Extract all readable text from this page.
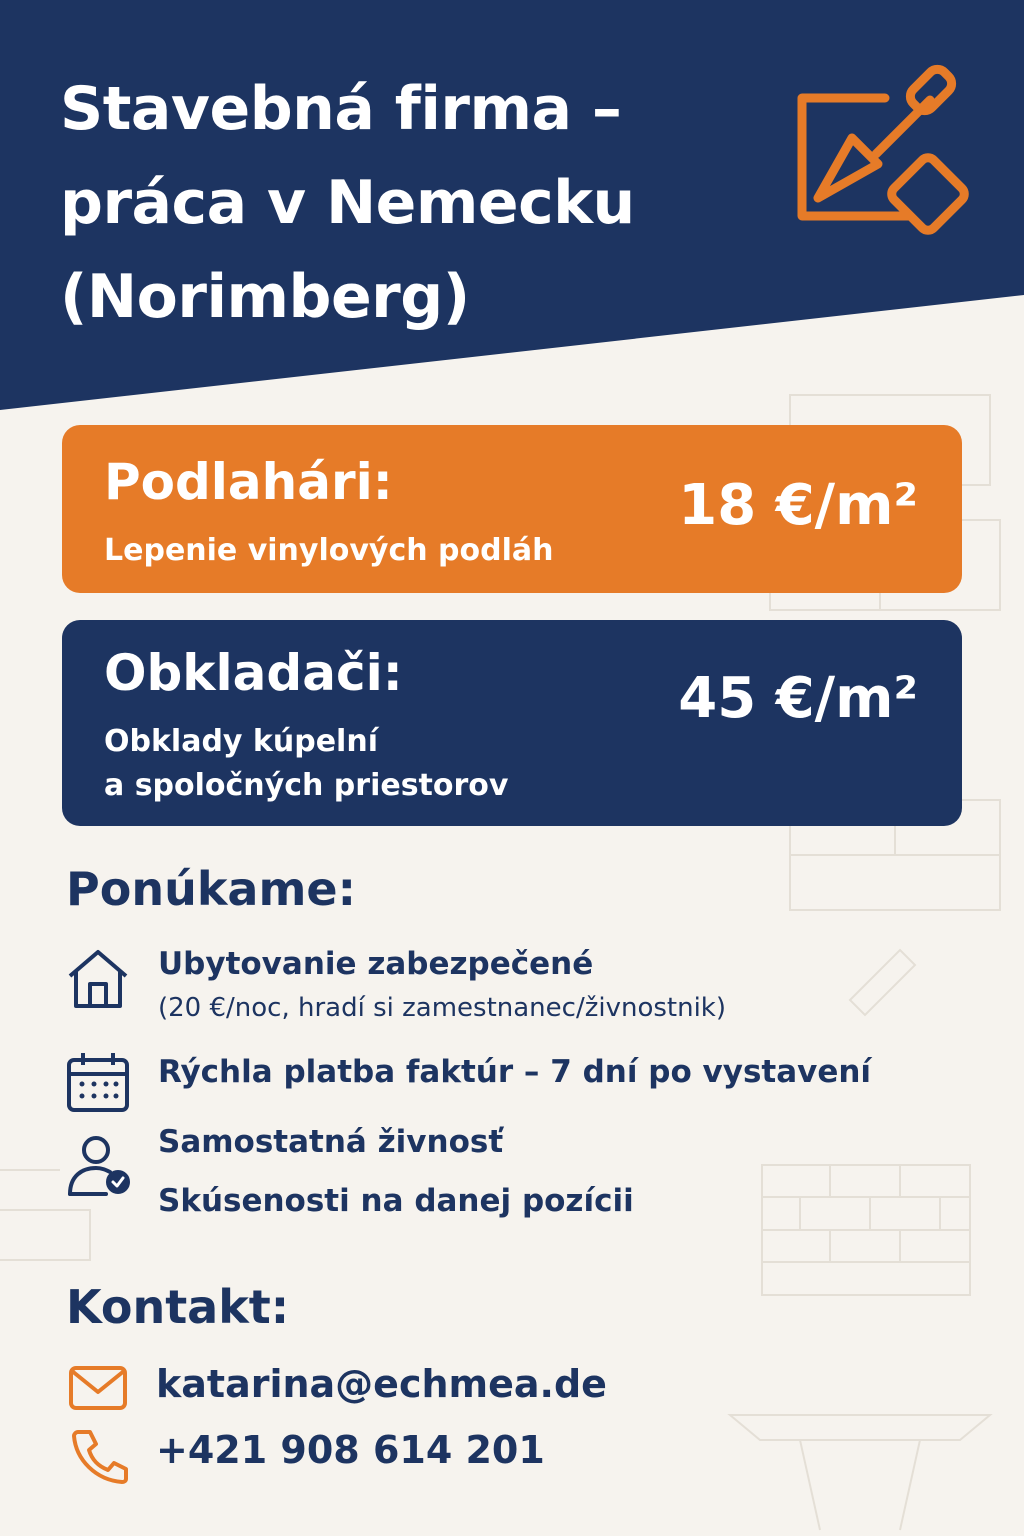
Stavebná firma –
práca v Nemecku
(Norimberg)
Podlahári:
Lepenie vinylových podláh
18 €/m²
Obkladači:
Obklady kúpelní
a spoločných priestorov
45 €/m²
Ponúkame:
Ubytovanie zabezpečené
(20 €/noc, hradí si zamestnanec/živnostnik)
Rýchla platba faktúr – 7 dní po vystavení
Samostatná živnosť
Skúsenosti na danej pozícii
Kontakt:
katarina@echmea.de
+421 908 614 201
